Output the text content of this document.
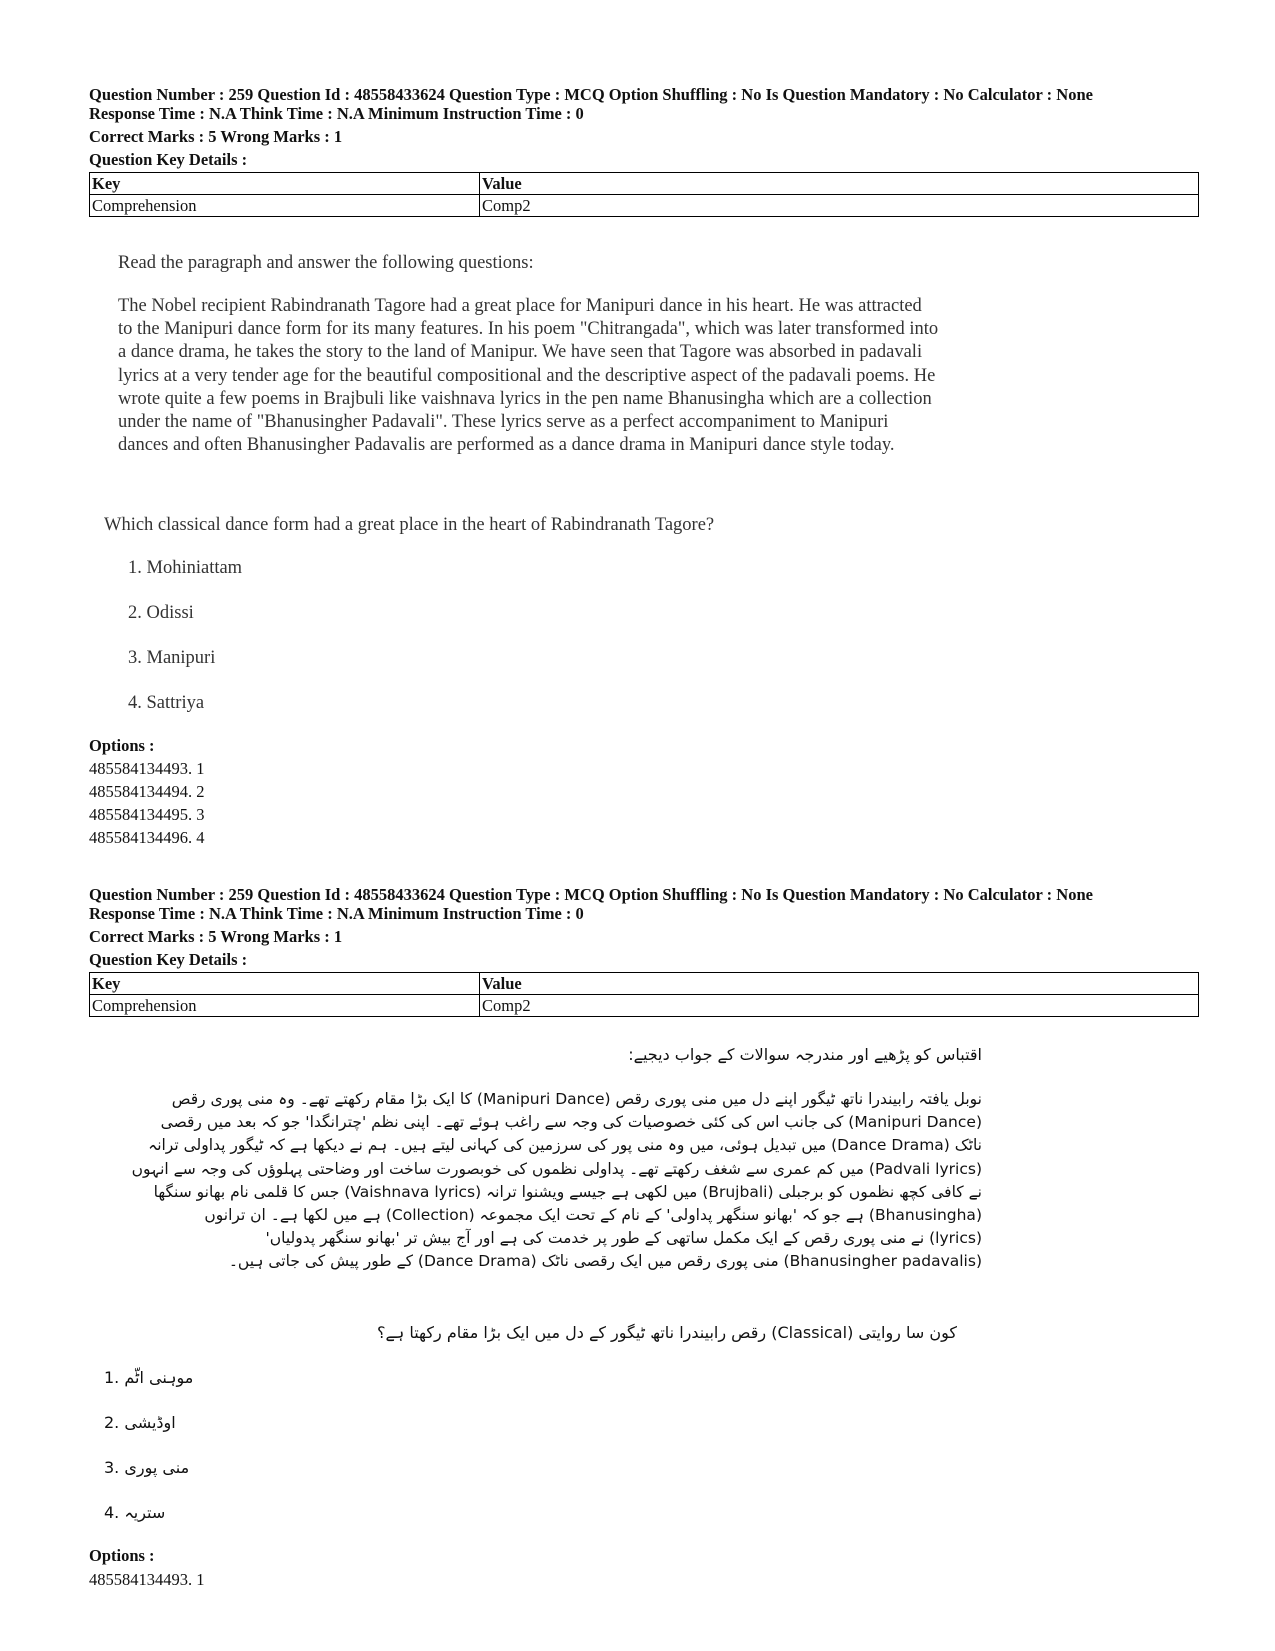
Question Number : 259 Question Id : 48558433624 Question Type : MCQ Option Shuffling : No Is Question Mandatory : No Calculator : None
Response Time : N.A Think Time : N.A Minimum Instruction Time : 0
Correct Marks : 5 Wrong Marks : 1
Question Key Details :
Key	Value
Comprehension	Comp2
Read the paragraph and answer the following questions:
The Nobel recipient Rabindranath Tagore had a great place for Manipuri dance in his heart. He was attracted
to the Manipuri dance form for its many features. In his poem "Chitrangada", which was later transformed into
a dance drama, he takes the story to the land of Manipur. We have seen that Tagore was absorbed in padavali
lyrics at a very tender age for the beautiful compositional and the descriptive aspect of the padavali poems. He
wrote quite a few poems in Brajbuli like vaishnava lyrics in the pen name Bhanusingha which are a collection
under the name of "Bhanusingher Padavali". These lyrics serve as a perfect accompaniment to Manipuri
dances and often Bhanusingher Padavalis are performed as a dance drama in Manipuri dance style today.
Which classical dance form had a great place in the heart of Rabindranath Tagore?
1. Mohiniattam
2. Odissi
3. Manipuri
4. Sattriya
Options :
485584134493. 1
485584134494. 2
485584134495. 3
485584134496. 4
Question Number : 259 Question Id : 48558433624 Question Type : MCQ Option Shuffling : No Is Question Mandatory : No Calculator : None
Response Time : N.A Think Time : N.A Minimum Instruction Time : 0
Correct Marks : 5 Wrong Marks : 1
Question Key Details :
Key	Value
Comprehension	Comp2
اقتباس کو پڑھیے اور مندرجہ سوالات کے جواب دیجیے:
نوبل یافتہ رابیندرا ناتھ ٹیگور اپنے دل میں منی پوری رقص (Manipuri Dance) کا ایک بڑا مقام رکھتے تھے۔ وہ منی پوری رقص
(Manipuri Dance) کی جانب اس کی کئی خصوصیات کی وجہ سے راغب ہوئے تھے۔ اپنی نظم 'چترانگدا' جو کہ بعد میں رقصی
ناٹک (Dance Drama) میں تبدیل ہوئی، میں وہ منی پور کی سرزمین کی کہانی لیتے ہیں۔ ہم نے دیکھا ہے کہ ٹیگور پداولی ترانہ
(Padvali lyrics) میں کم عمری سے شغف رکھتے تھے۔ پداولی نظموں کی خوبصورت ساخت اور وضاحتی پہلوؤں کی وجہ سے انہوں
نے کافی کچھ نظموں کو برجبلی (Brujbali) میں لکھی ہے جیسے ویشنوا ترانہ (Vaishnava lyrics) جس کا قلمی نام بھانو سنگھا
(Bhanusingha) ہے جو کہ 'بھانو سنگھر پداولی' کے نام کے تحت ایک مجموعہ (Collection) ہے میں لکھا ہے۔ ان ترانوں
(lyrics) نے منی پوری رقص کے ایک مکمل ساتھی کے طور پر خدمت کی ہے اور آج بیش تر 'بھانو سنگھر پدولیاں'
(Bhanusingher padavalis) منی پوری رقص میں ایک رقصی ناٹک (Dance Drama) کے طور پیش کی جاتی ہیں۔
کون سا روایتی (Classical) رقص رابیندرا ناتھ ٹیگور کے دل میں ایک بڑا مقام رکھتا ہے؟
1. موہنی اٹّم
2. اوڈیشی
3. منی پوری
4. ستریہ
Options :
485584134493. 1
